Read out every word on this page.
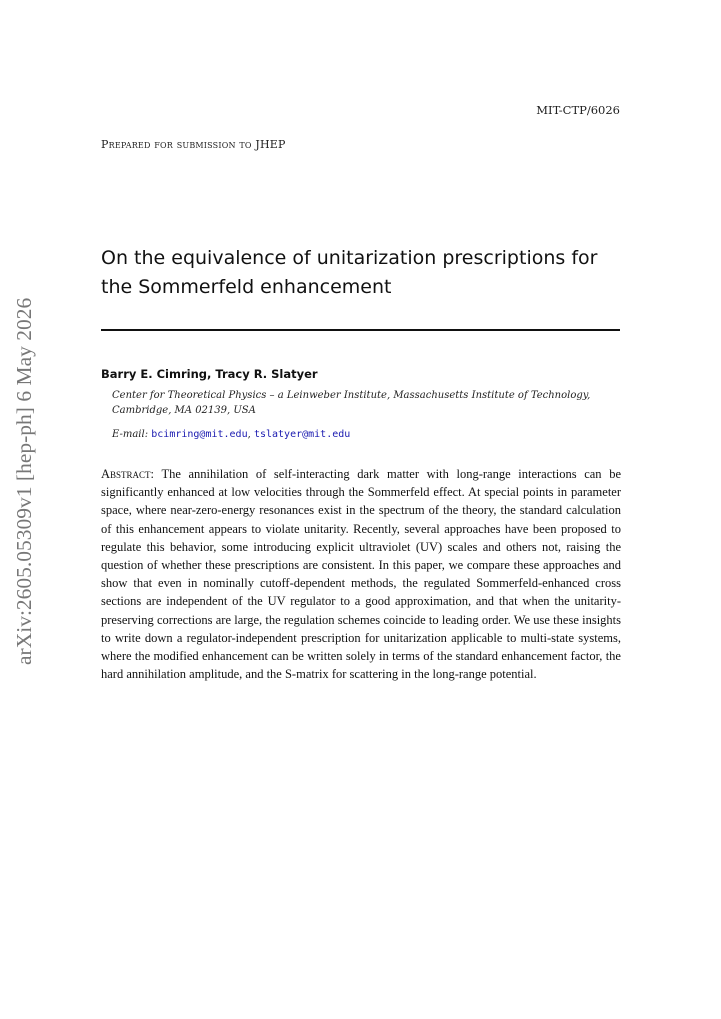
MIT-CTP/6026
Prepared for submission to JHEP
arXiv:2605.05309v1 [hep-ph] 6 May 2026
On the equivalence of unitarization prescriptions for the Sommerfeld enhancement
Barry E. Cimring, Tracy R. Slatyer
Center for Theoretical Physics – a Leinweber Institute, Massachusetts Institute of Technology, Cambridge, MA 02139, USA
E-mail: bcimring@mit.edu, tslatyer@mit.edu

Abstract: The annihilation of self-interacting dark matter with long-range interactions can be significantly enhanced at low velocities through the Sommerfeld effect. At special points in parameter space, where near-zero-energy resonances exist in the spectrum of the theory, the standard calculation of this enhancement appears to violate unitarity. Recently, several approaches have been proposed to regulate this behavior, some introducing explicit ultraviolet (UV) scales and others not, raising the question of whether these prescriptions are consistent. In this paper, we compare these approaches and show that even in nominally cutoff-dependent methods, the regulated Sommerfeld-enhanced cross sections are independent of the UV regulator to a good approximation, and that when the unitarity-preserving corrections are large, the regulation schemes coincide to leading order. We use these insights to write down a regulator-independent prescription for unitarization applicable to multi-state systems, where the modified enhancement can be written solely in terms of the standard enhancement factor, the hard annihilation amplitude, and the S-matrix for scattering in the long-range potential.
